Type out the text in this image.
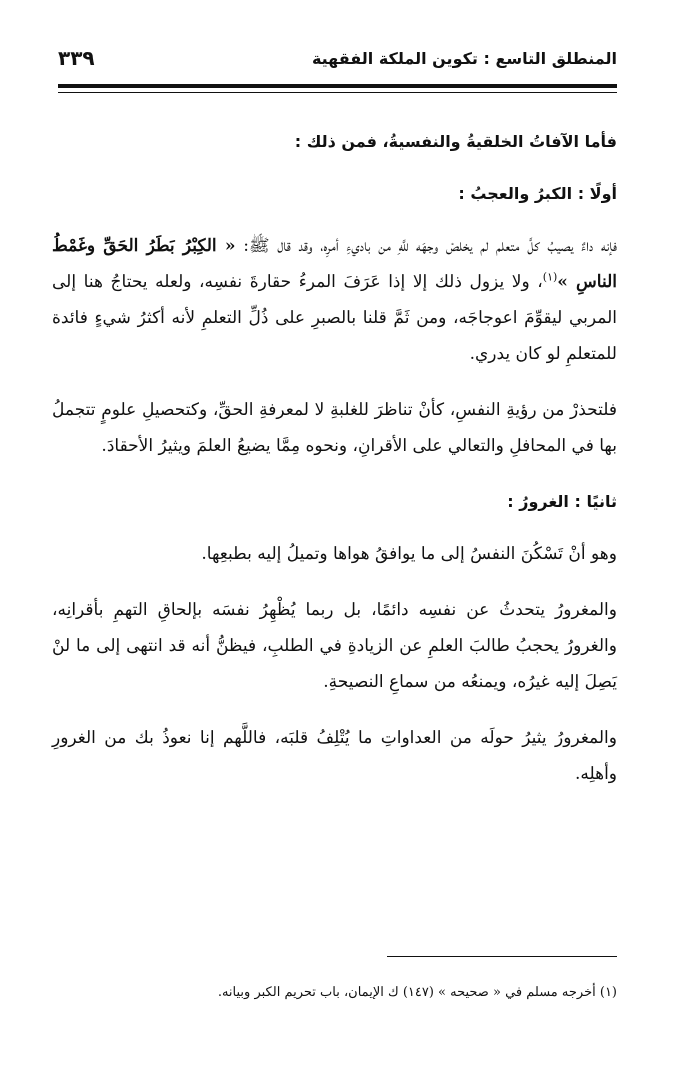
المنطلق التاسع : تكوين الملكة الفقهية
٣٣٩

فأما الآفاتُ الخلقيةُ والنفسيةُ، فمن ذلك :

أولًا : الكبرُ والعجبُ :

فإنه داءٌ يصيبُ كلَّ متعلم لم يخلصْ وجهَه للَّهِ من باديءِ أمرِه، وقد قال ﷺ: « الكِبْرُ بَطَرُ الحَقِّ وغَمْطُ الناسِ »$^{(١)}$، ولا يزول ذلك إلا إذا عَرَفَ المرءُ حقارةَ نفسِه، ولعله يحتاجُ هنا إلى المربي ليقوِّمَ اعوجاجَه، ومن ثَمَّ قلنا بالصبرِ على ذُلِّ التعلمِ لأنه أكثرُ شيءٍ فائدة للمتعلمِ لو كان يدري.

فلتحذرْ من رؤيةِ النفسِ، كأنْ تناظرَ للغلبةِ لا لمعرفةِ الحقِّ، وكتحصيلِ علومٍ تتجملُ بها في المحافلِ والتعالي على الأقرانِ، ونحوه مِمَّا يضيعُ العلمَ ويثيرُ الأحقادَ.

ثانيًا : الغرورُ :

وهو أنْ تَسْكُنَ النفسُ إلى ما يوافقُ هواها وتميلُ إليه بطبعِها.

والمغرورُ يتحدثُ عن نفسِه دائمًا، بل ربما يُظْهِرُ نفسَه بإلحاقِ التهمِ بأقرانِه، والغرورُ يحجبُ طالبَ العلمِ عن الزيادةِ في الطلبِ، فيظنُّ أنه قد انتهى إلى ما لنْ يَصِلَ إليه غيرُه، ويمنعُه من سماعِ النصيحةِ.

والمغرورُ يثيرُ حولَه من العداواتِ ما يُتْلِفُ قلبَه، فاللَّهم إنا نعوذُ بك من الغرورِ وأهلِه.

(١) أخرجه مسلم في « صحيحه » (١٤٧) ك الإيمان، باب تحريم الكبر وبيانه.
